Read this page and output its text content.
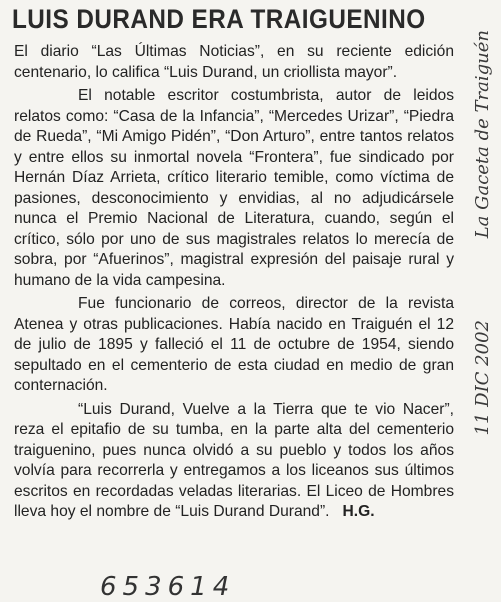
LUIS DURAND ERA TRAIGUENINO

El diario “Las Últimas Noticias”, en su reciente edición centenario, lo califica “Luis Durand, un criollista mayor”.

El notable escritor costumbrista, autor de leidos relatos como: “Casa de la Infancia”, “Mercedes Urizar”, “Piedra de Rueda”, “Mi Amigo Pidén”, “Don Arturo”, entre tantos relatos y entre ellos su inmortal novela “Frontera”, fue sindicado por Hernán Díaz Arrieta, crítico literario temible, como víctima de pasiones, desconocimiento y envidias, al no adjudicársele nunca el Premio Nacional de Literatura, cuando, según el crítico, sólo por uno de sus magistrales relatos lo merecía de sobra, por “Afuerinos”, magistral expresión del paisaje rural y humano de la vida campesina.

Fue funcionario de correos, director de la revista Atenea y otras publicaciones. Había nacido en Traiguén el 12 de julio de 1895 y falleció el 11 de octubre de 1954, siendo sepultado en el cementerio de esta ciudad en medio de gran conternación.

“Luis Durand, Vuelve a la Tierra que te vio Nacer”, reza el epitafio de su tumba, en la parte alta del cementerio traiguenino, pues nunca olvidó a su pueblo y todos los años volvía para recorrerla y entregamos a los liceanos sus últimos escritos en recordadas veladas literarias. El Liceo de Hombres lleva hoy el nombre de “Luis Durand Durand”. H.G.

La Gaceta de Traiguén
11 DIC 2002
653614
